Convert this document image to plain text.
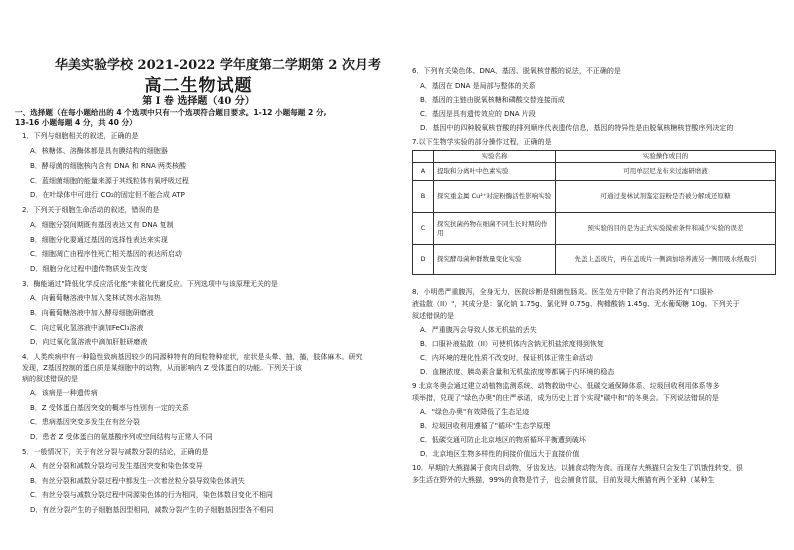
华美实验学校 2021-2022 学年度第二学期第 2 次月考
高二生物试题
第 I 卷 选择题（40 分）
一、选择题（在每小题给出的 4 个选项中只有一个选项符合题目要求。1-12 小题每题 2 分,
13-16 小题每题 4 分，共 40 分）
1．下列与细胞相关的叙述，正确的是
A．核糖体、溶酶体都是具有膜结构的细胞器
B．酵母菌的细胞核内含有 DNA 和 RNA 两类核酸
C．蓝细菌细胞的能量来源于其线粒体有氧呼吸过程
D．在叶绿体中可进行 CO₂的固定但不能合成 ATP
2．下列关于细胞生命活动的叙述，错误的是
A．细胞分裂间期既有基因表达又有 DNA 复制
B．细胞分化要通过基因的选择性表达来实现
C．细胞凋亡由程序性死亡相关基因的表达所启动
D．细胞分化过程中遗传物质发生改变
3．酶能通过"降低化学反应活化能"来催化代谢反应。下列选项中与该原理无关的是
A．向葡萄糖溶液中加入斐林试剂水浴加热
B．向葡萄糖溶液中加入酵母细胞研磨液
C．向过氧化氢溶液中滴加FeCl₃溶液
D．向过氧化氢溶液中滴加肝脏研磨液
4．人类疾病中有一种隐性致病基因较少的同源种特有的间粒特种症状，症状是头晕、抽，搐，肢体麻木。研究
发现，Z基因控制的蛋白质是某细胞中的动物，从而影响内 Z 受体蛋白的功能。下列关于该
病的叙述错误的是
A．该病是一种遗传病
B．Z 受体蛋白基因突变的概率与性别有一定的关系
C．患病基因突变多发生在有丝分裂
D．患者 Z 受体蛋白的氨基酸序列或空间结构与正常人不同
5．一般情况下，关于有丝分裂与减数分裂的结论，正确的是
A．有丝分裂和减数分裂均可发生基因突变和染色体变异
B．有丝分裂和减数分裂过程中都发生一次着丝粒分裂导致染色体消失
C．有丝分裂与减数分裂过程中同源染色体的行为相同，染色体数目变化不相同
D．有丝分裂产生的子细胞基因型相同，减数分裂产生的子细胞基因型各不相同
6．下列有关染色体、DNA、基因、脱氧核苷酸的说法，不正确的是
A．基因在 DNA 是局部与整体的关系
B．基因的主链由脱氧核糖和磷酸交替连接而成
C．基因是具有遗传效应的 DNA 片段
D．基因中的四种脱氧核苷酸的排列顺序代表遗传信息，基因的特异性是由脱氧核糖核苷酸序列决定的
7.以下生物学实验的部分操作过程，正确的是
	实验名称	实验操作或目的
A	提取和分离叶中色素实验	可用单层尼龙布来过滤研磨液
B	探究重金属 Cu²⁺对淀粉酶活性影响实验	可通过斐林试剂鉴定淀粉是否被分解成还原糖
C	探究抗菌药物在细菌不同生长时期的作用	预实验的目的是为正式实验摸索条件和减少实验的误差
D	探究酵母菌种群数量变化实验	先盖上盖玻片，再在盖玻片一侧滴加培养液另一侧用吸水纸吸引
8．小明患严重腹泻，全身无力，医院诊断是细菌性肠炎。医生处方中除了有治炎药外还有"口服补
液盐散（II）"，其成分是：氯化钠 1.75g、氯化钾 0.75g、枸橼酸钠 1.45g、无水葡萄糖 10g。下列关于
叙述错误的是
A．严重腹泻会导致人体无机盐的丢失
B．口服补液盐散（II）可使机体内含钠无机盐浓度得到恢复
C．内环境的理化性质不改变时，保证机体正常生命活动
D．血糖浓度、胰岛素含量和无机盐浓度等都属于内环境的稳态
9 北京冬奥会通过建立动植物监测系统、动物救助中心、低碳交通保障体系、垃圾回收利用体系等多
项举措，兑现了"绿色办奥"的庄严承诺，成为历史上首个实现"碳中和"的冬奥会。下列说法错误的是
A．"绿色办奥"有效降低了生态足迹
B．垃圾回收利用遵循了"循环"生态学原理
C．低碳交通可防止北京地区的物质循环平衡遭到破坏
D．北京地区生物多样性的间接价值远大于直接价值
10．早期的大熊猫属于食肉目动物，牙齿发达，以捕食动物为食。而现存大熊猫只会发生了饥饿性转变，很
多生活在野外的大熊猫，99%的食物是竹子，也会捕食竹鼠，目前发现大熊猫有两个亚种（某种生
